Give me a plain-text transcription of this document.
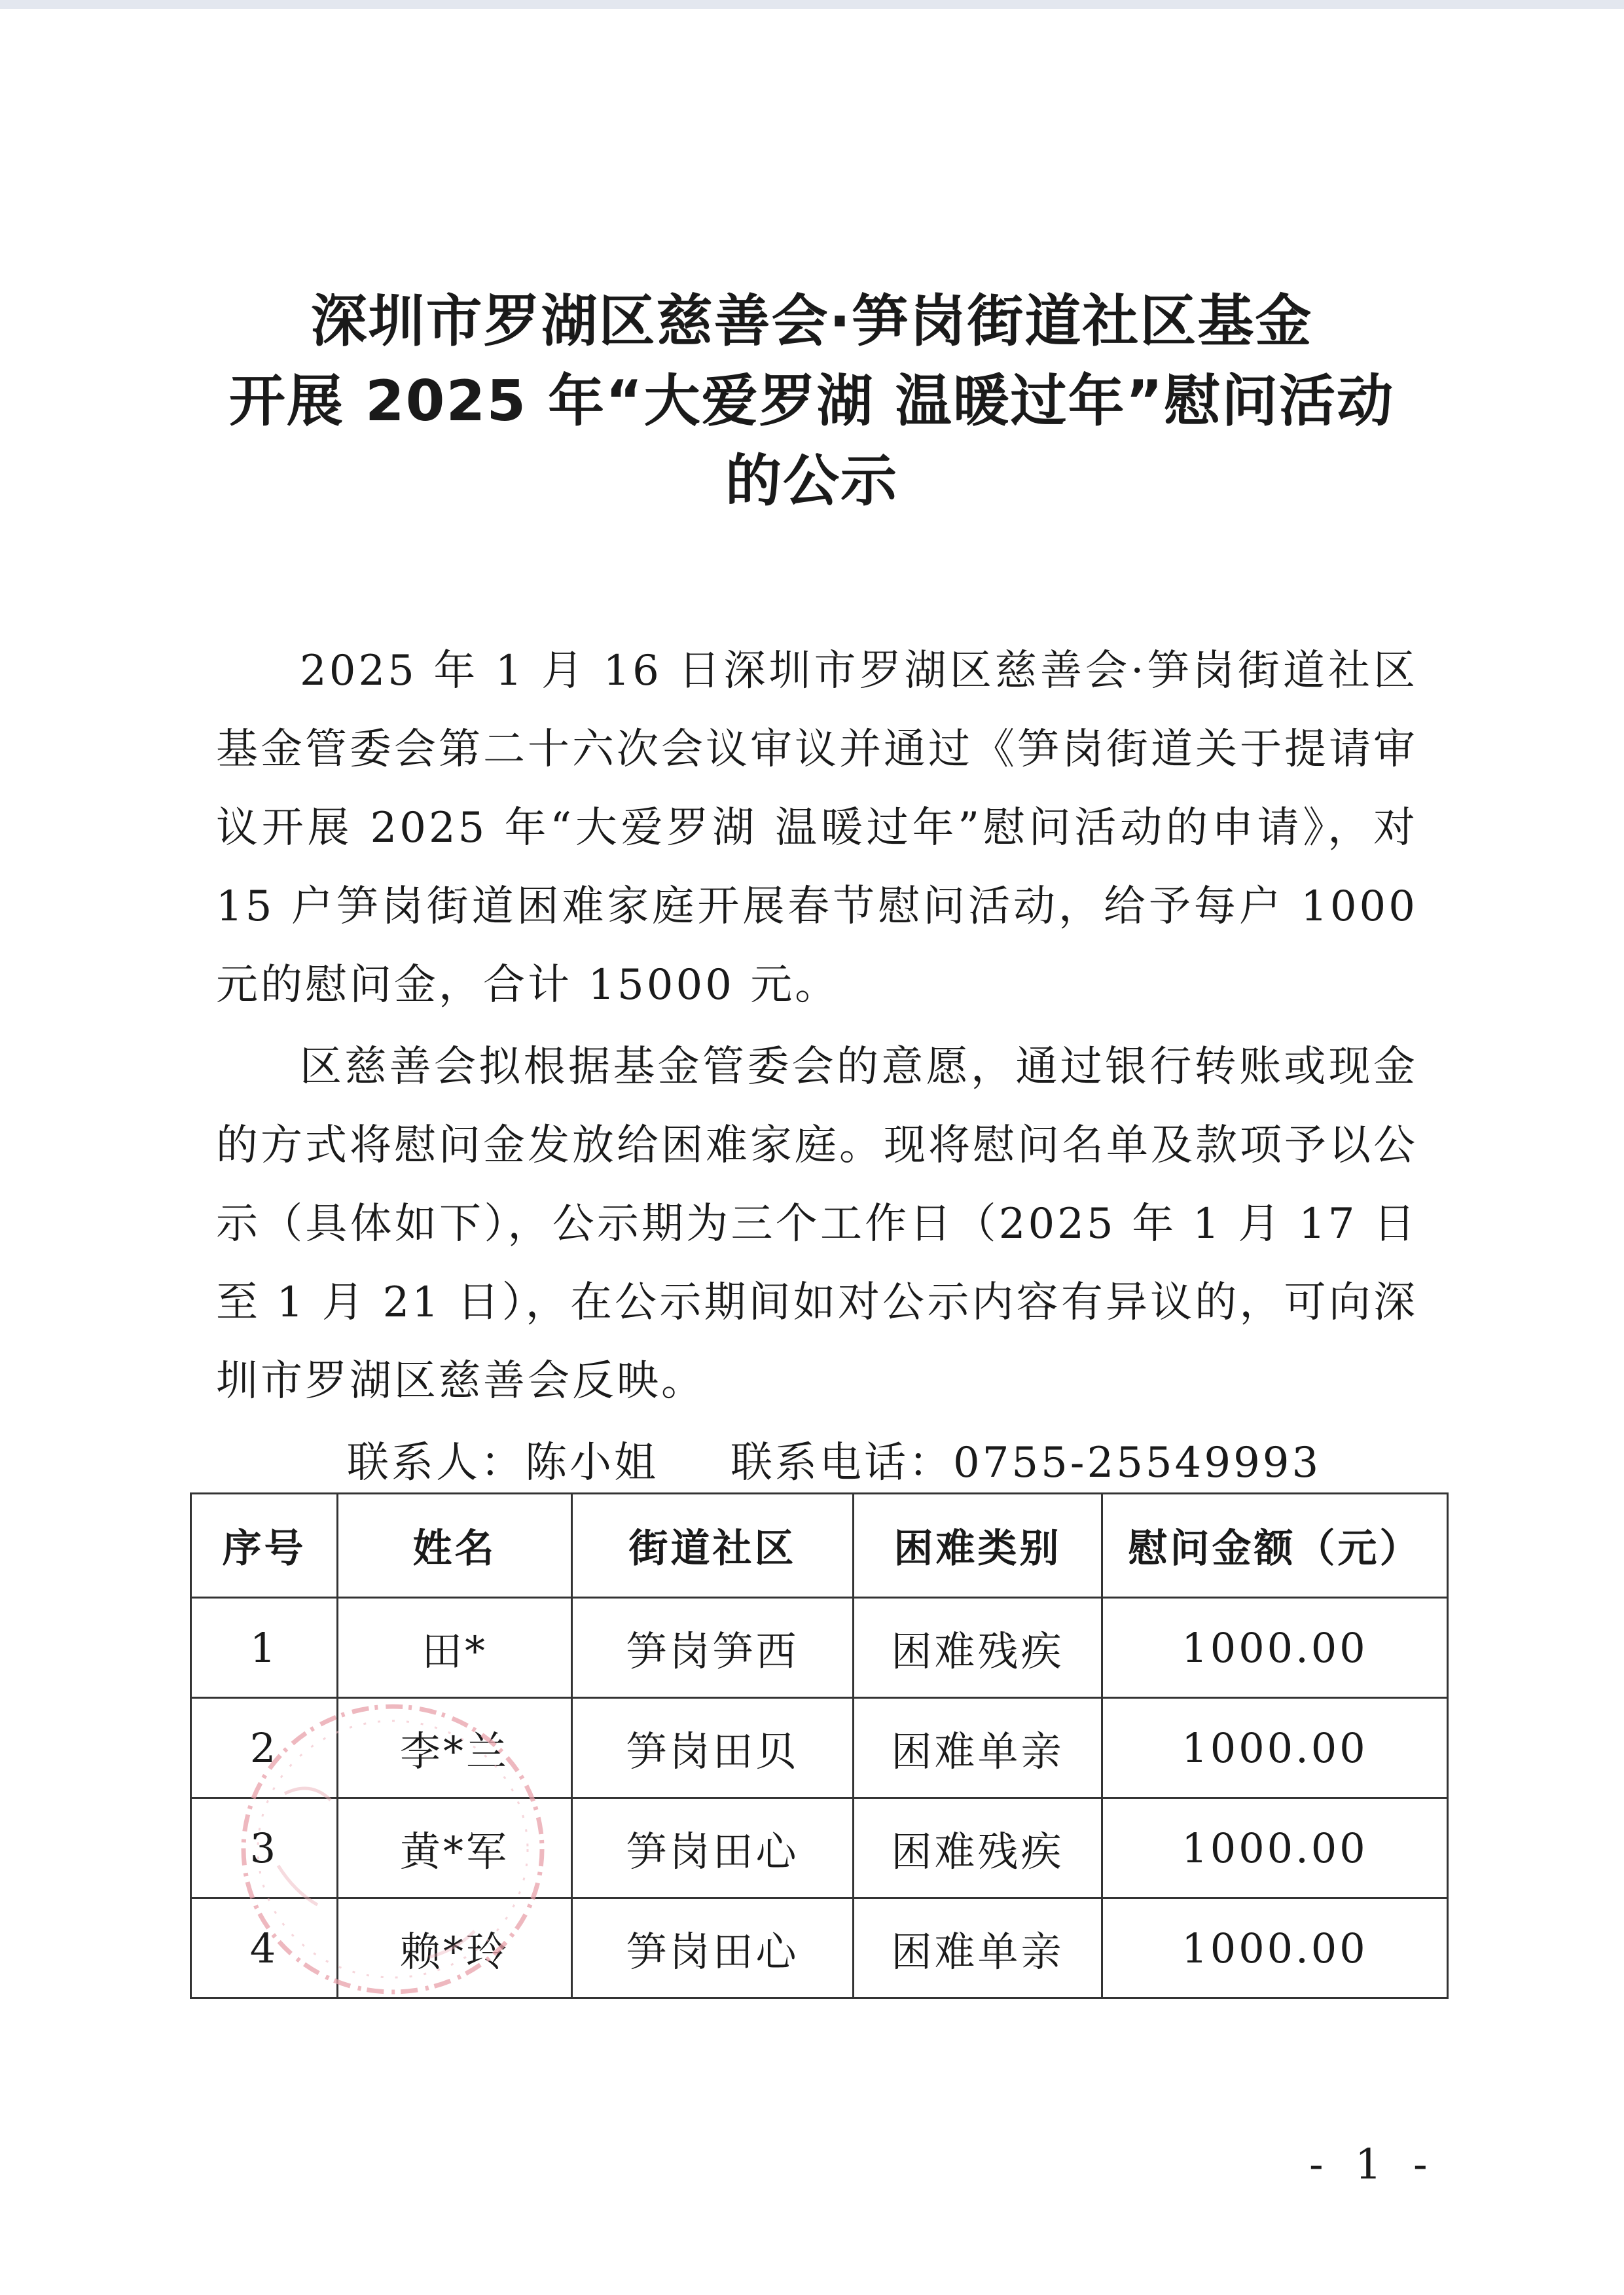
深圳市罗湖区慈善会·笋岗街道社区基金
开展 2025 年“大爱罗湖 温暖过年”慰问活动
的公示

2025 年 1 月 16 日深圳市罗湖区慈善会·笋岗街道社区基金管委会第二十六次会议审议并通过《笋岗街道关于提请审议开展 2025 年“大爱罗湖 温暖过年”慰问活动的申请》，对 15 户笋岗街道困难家庭开展春节慰问活动，给予每户 1000 元的慰问金，合计 15000 元。

区慈善会拟根据基金管委会的意愿，通过银行转账或现金的方式将慰问金发放给困难家庭。现将慰问名单及款项予以公示（具体如下），公示期为三个工作日（2025 年 1 月 17 日至 1 月 21 日），在公示期间如对公示内容有异议的，可向深圳市罗湖区慈善会反映。

联系人：陈小姐 联系电话：0755-25549993
序号	姓名	街道社区	困难类别	慰问金额（元）
1	田*	笋岗笋西	困难残疾	1000.00
2	李*兰	笋岗田贝	困难单亲	1000.00
3	黄*军	笋岗田心	困难残疾	1000.00
4	赖*玲	笋岗田心	困难单亲	1000.00
- 1 -
